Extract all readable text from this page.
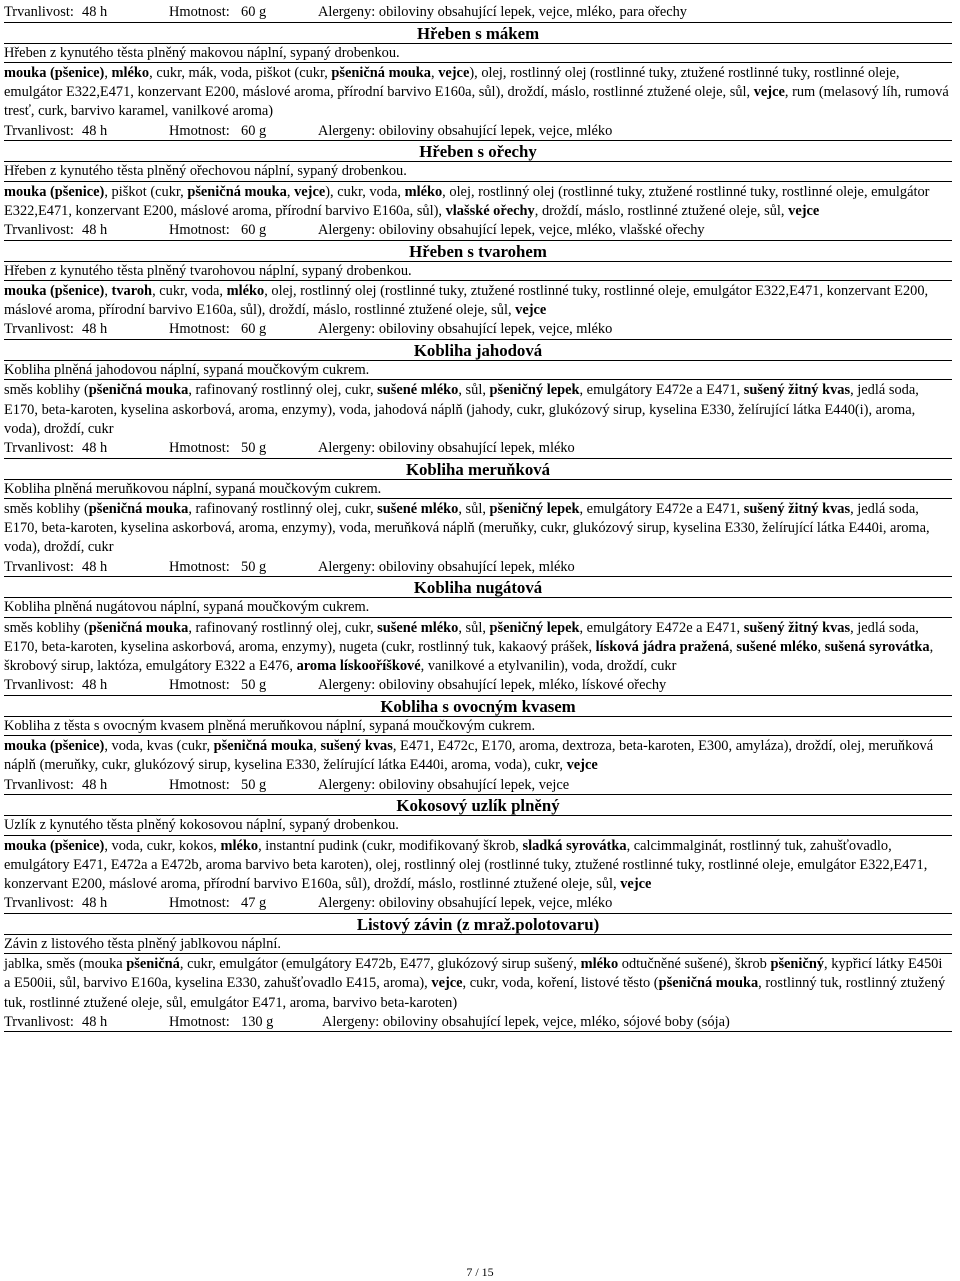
Trvanlivost: 48 h	Hmotnost: 60 g	Alergeny: obiloviny obsahující lepek, vejce, mléko, para ořechy
Hřeben s mákem
Hřeben z kynutého těsta plněný makovou náplní, sypaný drobenkou.
mouka (pšenice), mléko, cukr, mák, voda, piškot (cukr, pšeničná mouka, vejce), olej, rostlinný olej (rostlinné tuky, ztužené rostlinné tuky, rostlinné oleje, emulgátor E322,E471, konzervant E200, máslové aroma, přírodní barvivo E160a, sůl), droždí, máslo, rostlinné ztužené oleje, sůl, vejce, rum (melasový líh, rumová tresť, curk, barvivo karamel, vanilkové aroma)
Trvanlivost: 48 h	Hmotnost: 60 g	Alergeny: obiloviny obsahující lepek, vejce, mléko
Hřeben s ořechy
Hřeben z kynutého těsta plněný ořechovou náplní, sypaný drobenkou.
mouka (pšenice), piškot (cukr, pšeničná mouka, vejce), cukr, voda, mléko, olej, rostlinný olej (rostlinné tuky, ztužené rostlinné tuky, rostlinné oleje, emulgátor E322,E471, konzervant E200, máslové aroma, přírodní barvivo E160a, sůl), vlašské ořechy, droždí, máslo, rostlinné ztužené oleje, sůl, vejce
Trvanlivost: 48 h	Hmotnost: 60 g	Alergeny: obiloviny obsahující lepek, vejce, mléko, vlašské ořechy
Hřeben s tvarohem
Hřeben z kynutého těsta plněný tvarohovou náplní, sypaný drobenkou.
mouka (pšenice), tvaroh, cukr, voda, mléko, olej, rostlinný olej (rostlinné tuky, ztužené rostlinné tuky, rostlinné oleje, emulgátor E322,E471, konzervant E200, máslové aroma, přírodní barvivo E160a, sůl), droždí, máslo, rostlinné ztužené oleje, sůl, vejce
Trvanlivost: 48 h	Hmotnost: 60 g	Alergeny: obiloviny obsahující lepek, vejce, mléko
Kobliha jahodová
Kobliha plněná jahodovou náplní, sypaná moučkovým cukrem.
směs koblihy (pšeničná mouka, rafinovaný rostlinný olej, cukr, sušené mléko, sůl, pšeničný lepek, emulgátory E472e a E471, sušený žitný kvas, jedlá soda, E170, beta-karoten, kyselina askorbová, aroma, enzymy), voda, jahodová náplň (jahody, cukr, glukózový sirup, kyselina E330, želírující látka E440(i), aroma, voda), droždí, cukr
Trvanlivost: 48 h	Hmotnost: 50 g	Alergeny: obiloviny obsahující lepek, mléko
Kobliha meruňková
Kobliha plněná meruňkovou náplní, sypaná moučkovým cukrem.
směs koblihy (pšeničná mouka, rafinovaný rostlinný olej, cukr, sušené mléko, sůl, pšeničný lepek, emulgátory E472e a E471, sušený žitný kvas, jedlá soda, E170, beta-karoten, kyselina askorbová, aroma, enzymy), voda, meruňková náplň (meruňky, cukr, glukózový sirup, kyselina E330, želírující látka E440i, aroma, voda), droždí, cukr
Trvanlivost: 48 h	Hmotnost: 50 g	Alergeny: obiloviny obsahující lepek, mléko
Kobliha nugátová
Kobliha plněná nugátovou náplní, sypaná moučkovým cukrem.
směs koblihy (pšeničná mouka, rafinovaný rostlinný olej, cukr, sušené mléko, sůl, pšeničný lepek, emulgátory E472e a E471, sušený žitný kvas, jedlá soda, E170, beta-karoten, kyselina askorbová, aroma, enzymy), nugeta (cukr, rostlinný tuk, kakaový prášek, lísková jádra pražená, sušené mléko, sušená syrovátka, škrobový sirup, laktóza, emulgátory E322 a E476, aroma lískooříškové, vanilkové a etylvanilin), voda, droždí, cukr
Trvanlivost: 48 h	Hmotnost: 50 g	Alergeny: obiloviny obsahující lepek, mléko, lískové ořechy
Kobliha s ovocným kvasem
Kobliha z těsta s ovocným kvasem plněná meruňkovou náplní, sypaná moučkovým cukrem.
mouka (pšenice), voda, kvas (cukr, pšeničná mouka, sušený kvas, E471, E472c, E170, aroma, dextroza, beta-karoten, E300, amyláza), droždí, olej, meruňková náplň (meruňky, cukr, glukózový sirup, kyselina E330, želírující látka E440i, aroma, voda), cukr, vejce
Trvanlivost: 48 h	Hmotnost: 50 g	Alergeny: obiloviny obsahující lepek, vejce
Kokosový uzlík plněný
Uzlík z kynutého těsta plněný kokosovou náplní, sypaný drobenkou.
mouka (pšenice), voda, cukr, kokos, mléko, instantní pudink (cukr, modifikovaný škrob, sladká syrovátka, calcimmalginát, rostlinný tuk, zahušťovadlo, emulgátory E471, E472a a E472b, aroma barvivo beta karoten), olej, rostlinný olej (rostlinné tuky, ztužené rostlinné tuky, rostlinné oleje, emulgátor E322,E471, konzervant E200, máslové aroma, přírodní barvivo E160a, sůl), droždí, máslo, rostlinné ztužené oleje, sůl, vejce
Trvanlivost: 48 h	Hmotnost: 47 g	Alergeny: obiloviny obsahující lepek, vejce, mléko
Listový závin (z mraž.polotovaru)
Závin z listového těsta plněný jablkovou náplní.
jablka, směs (mouka pšeničná, cukr, emulgátor (emulgátory E472b, E477, glukózový sirup sušený, mléko odtučněné sušené), škrob pšeničný, kypřicí látky E450i a E500ii, sůl, barvivo E160a, kyselina E330, zahušťovadlo E415, aroma), vejce, cukr, voda, koření, listové těsto (pšeničná mouka, rostlinný tuk, rostlinný ztužený tuk, rostlinné ztužené oleje, sůl, emulgátor E471, aroma, barvivo beta-karoten)
Trvanlivost: 48 h	Hmotnost: 130 g	Alergeny: obiloviny obsahující lepek, vejce, mléko, sójové boby (sója)
7 / 15
